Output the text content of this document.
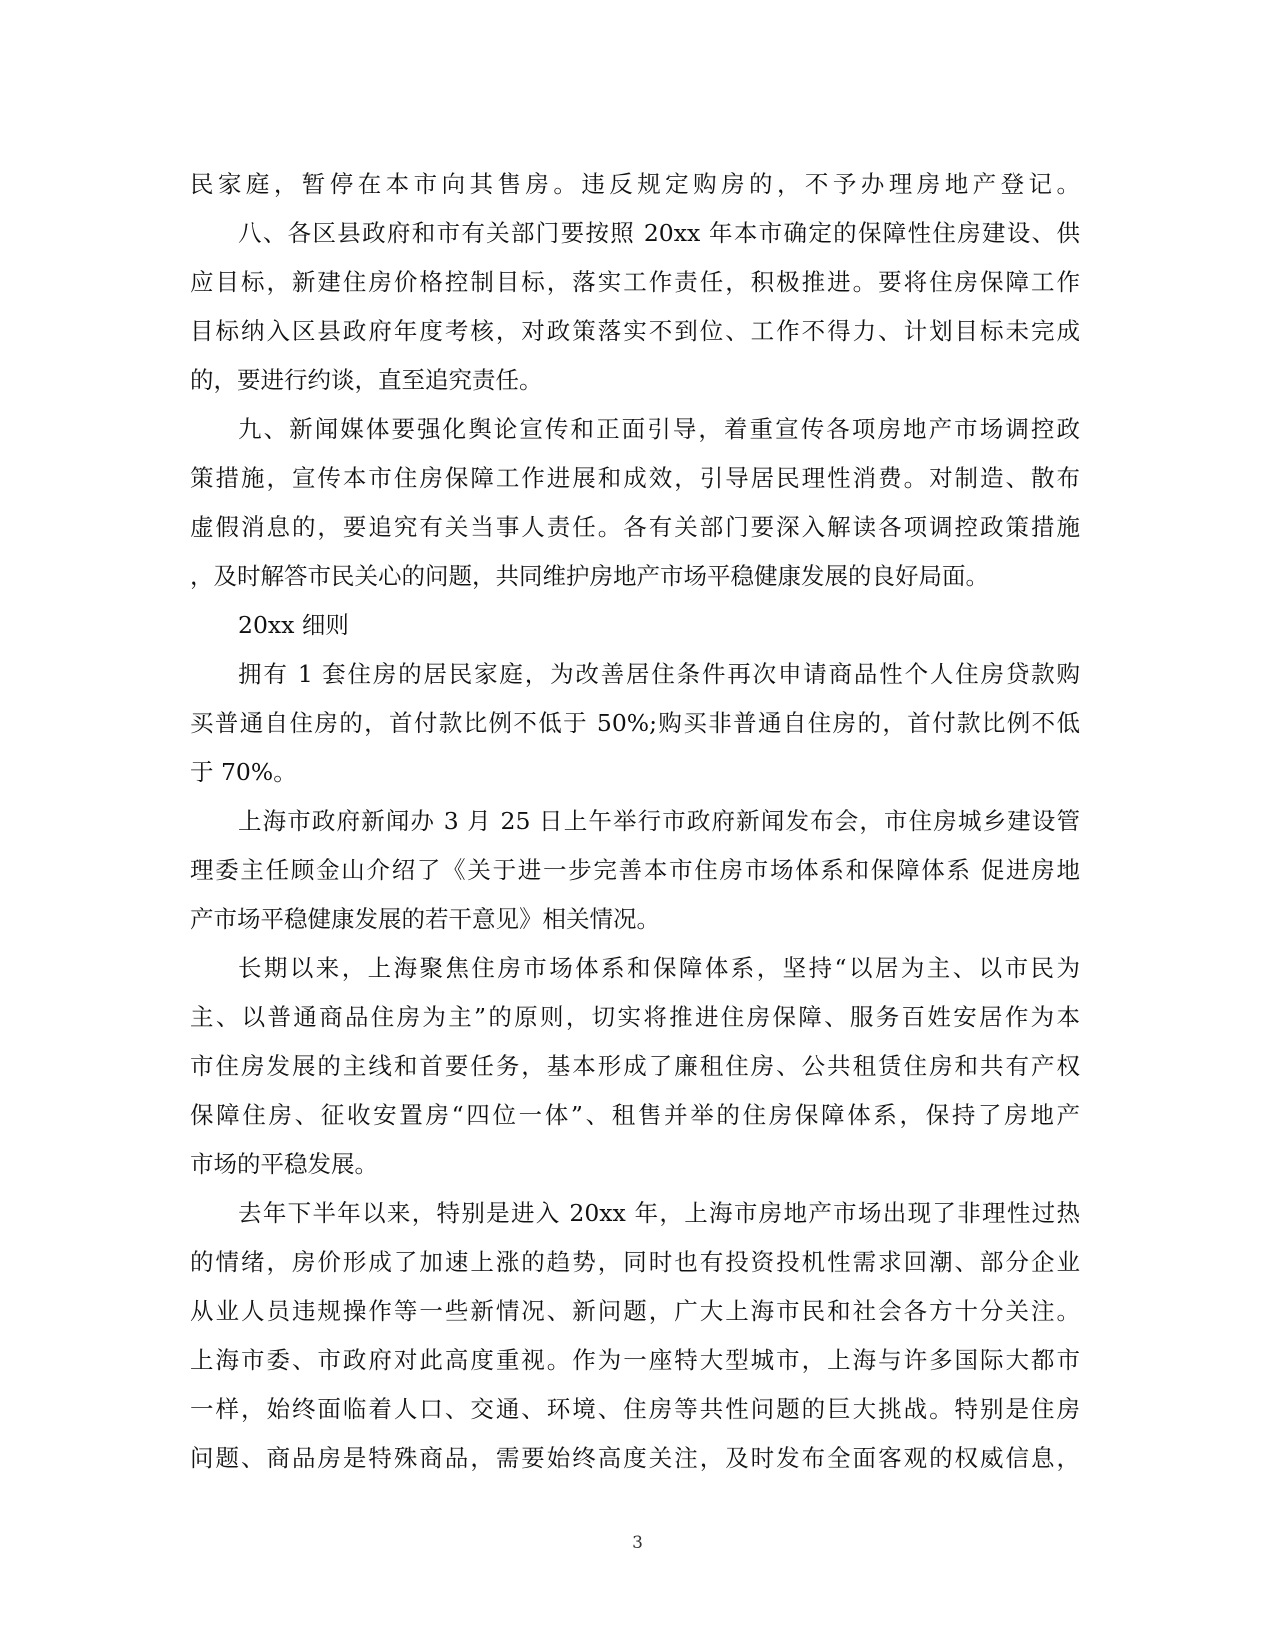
民家庭，暂停在本市向其售房。违反规定购房的，不予办理房地产登记。
八、各区县政府和市有关部门要按照 20xx 年本市确定的保障性住房建设、供
应目标，新建住房价格控制目标，落实工作责任，积极推进。要将住房保障工作
目标纳入区县政府年度考核，对政策落实不到位、工作不得力、计划目标未完成
的，要进行约谈，直至追究责任。
九、新闻媒体要强化舆论宣传和正面引导，着重宣传各项房地产市场调控政
策措施，宣传本市住房保障工作进展和成效，引导居民理性消费。对制造、散布
虚假消息的，要追究有关当事人责任。各有关部门要深入解读各项调控政策措施
，及时解答市民关心的问题，共同维护房地产市场平稳健康发展的良好局面。
20xx 细则
拥有 1 套住房的居民家庭，为改善居住条件再次申请商品性个人住房贷款购
买普通自住房的，首付款比例不低于 50%;购买非普通自住房的，首付款比例不低
于 70%。
上海市政府新闻办 3 月 25 日上午举行市政府新闻发布会，市住房城乡建设管
理委主任顾金山介绍了《关于进一步完善本市住房市场体系和保障体系 促进房地
产市场平稳健康发展的若干意见》相关情况。
长期以来，上海聚焦住房市场体系和保障体系，坚持“以居为主、以市民为
主、以普通商品住房为主”的原则，切实将推进住房保障、服务百姓安居作为本
市住房发展的主线和首要任务，基本形成了廉租住房、公共租赁住房和共有产权
保障住房、征收安置房“四位一体”、租售并举的住房保障体系，保持了房地产
市场的平稳发展。
去年下半年以来，特别是进入 20xx 年，上海市房地产市场出现了非理性过热
的情绪，房价形成了加速上涨的趋势，同时也有投资投机性需求回潮、部分企业
从业人员违规操作等一些新情况、新问题，广大上海市民和社会各方十分关注。
上海市委、市政府对此高度重视。作为一座特大型城市，上海与许多国际大都市
一样，始终面临着人口、交通、环境、住房等共性问题的巨大挑战。特别是住房
问题、商品房是特殊商品，需要始终高度关注，及时发布全面客观的权威信息，
3
